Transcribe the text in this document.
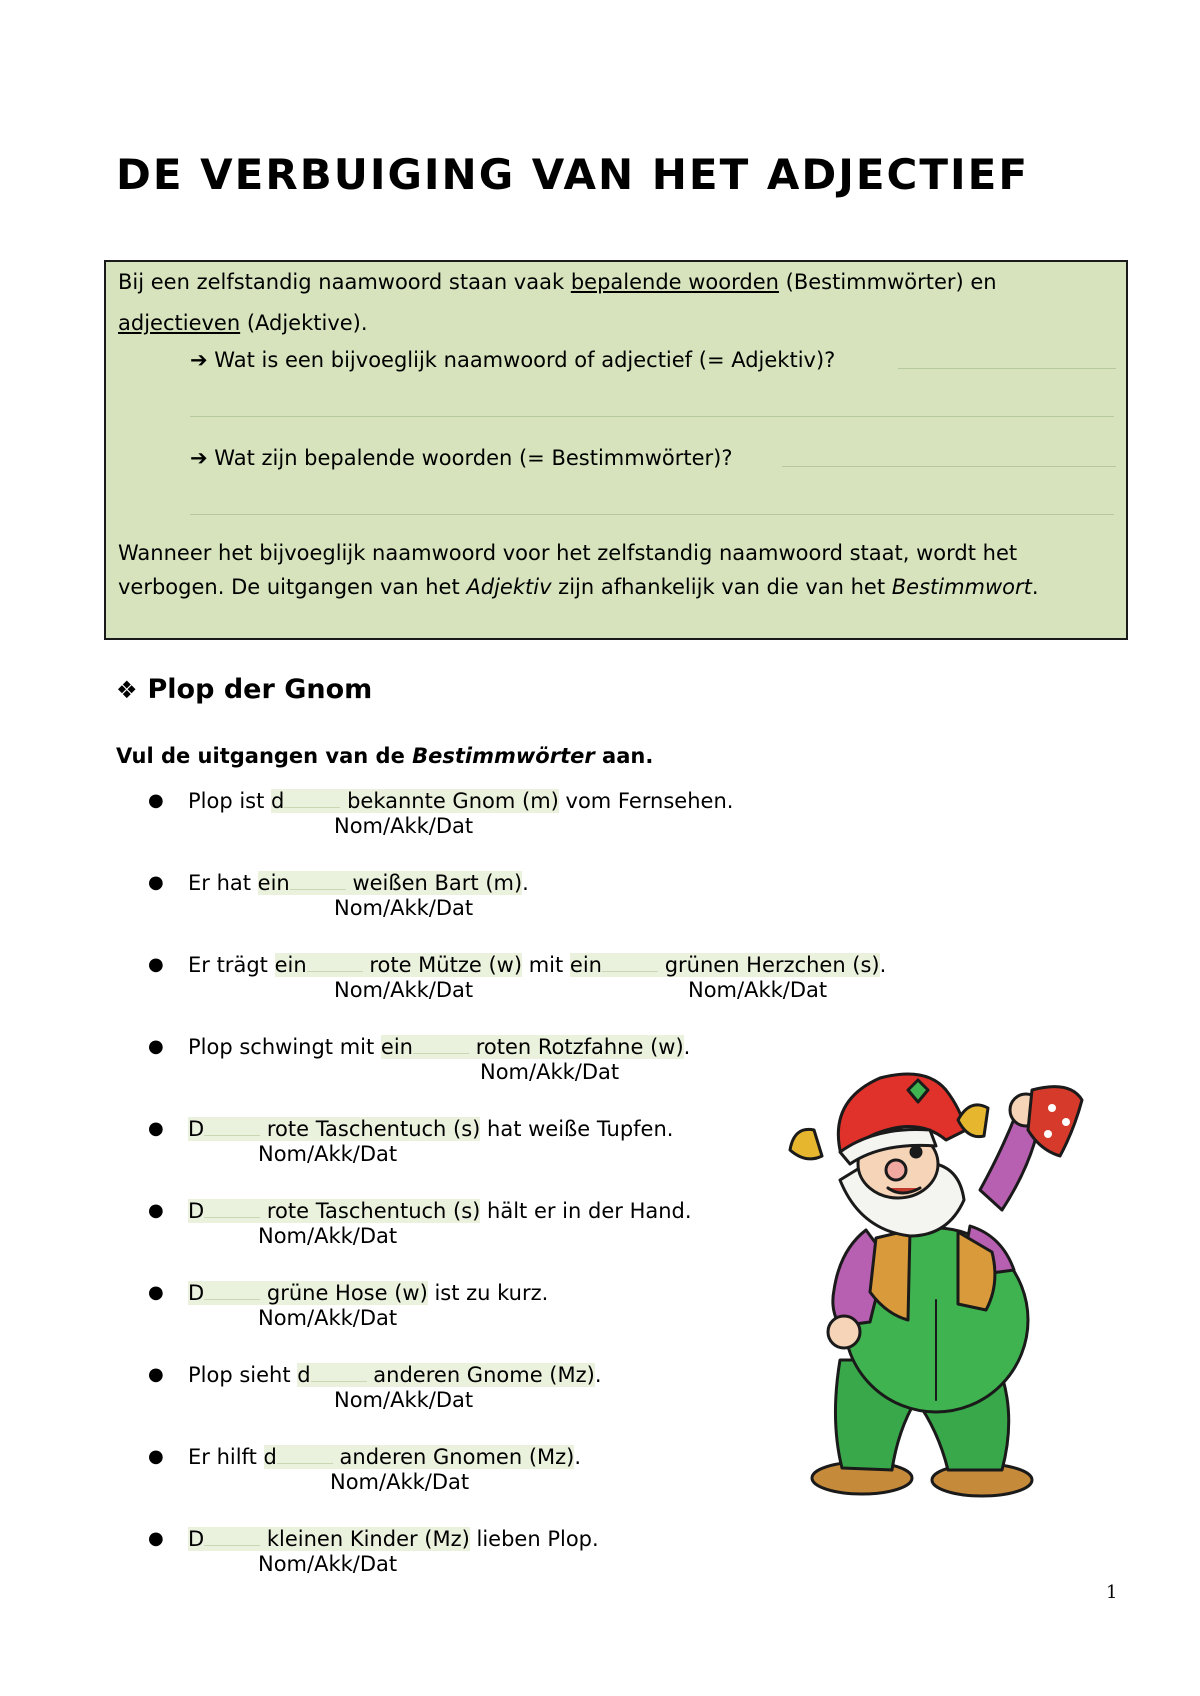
DE VERBUIGING VAN HET ADJECTIEF

Bij een zelfstandig naamwoord staan vaak bepalende woorden (Bestimmwörter) en

adjectieven (Adjektive).

➔ Wat is een bijvoeglijk naamwoord of adjectief (= Adjektiv)?
➔ Wat zijn bepalende woorden (= Bestimmwörter)?

Wanneer het bijvoeglijk naamwoord voor het zelfstandig naamwoord staat, wordt het verbogen. De uitgangen van het Adjektiv zijn afhankelijk van die van het Bestimmwort.

❖ Plop der Gnom

Vul de uitgangen van de Bestimmwörter aan.

● Plop ist d	bekannte Gnom (m) vom Fernsehen.
Nom/Akk/Dat
● Er hat ein	weißen Bart (m).
Nom/Akk/Dat
● Er trägt ein	rote Mütze (w) mit ein	grünen Herzchen (s).
Nom/Akk/Dat	Nom/Akk/Dat
● Plop schwingt mit ein	roten Rotzfahne (w).
Nom/Akk/Dat
● D	rote Taschentuch (s) hat weiße Tupfen.
Nom/Akk/Dat
● D	rote Taschentuch (s) hält er in der Hand.
Nom/Akk/Dat
● D	grüne Hose (w) ist zu kurz.
Nom/Akk/Dat
● Plop sieht d	anderen Gnome (Mz).
Nom/Akk/Dat
● Er hilft d	anderen Gnomen (Mz).
Nom/Akk/Dat
● D	kleinen Kinder (Mz) lieben Plop.
Nom/Akk/Dat
1
